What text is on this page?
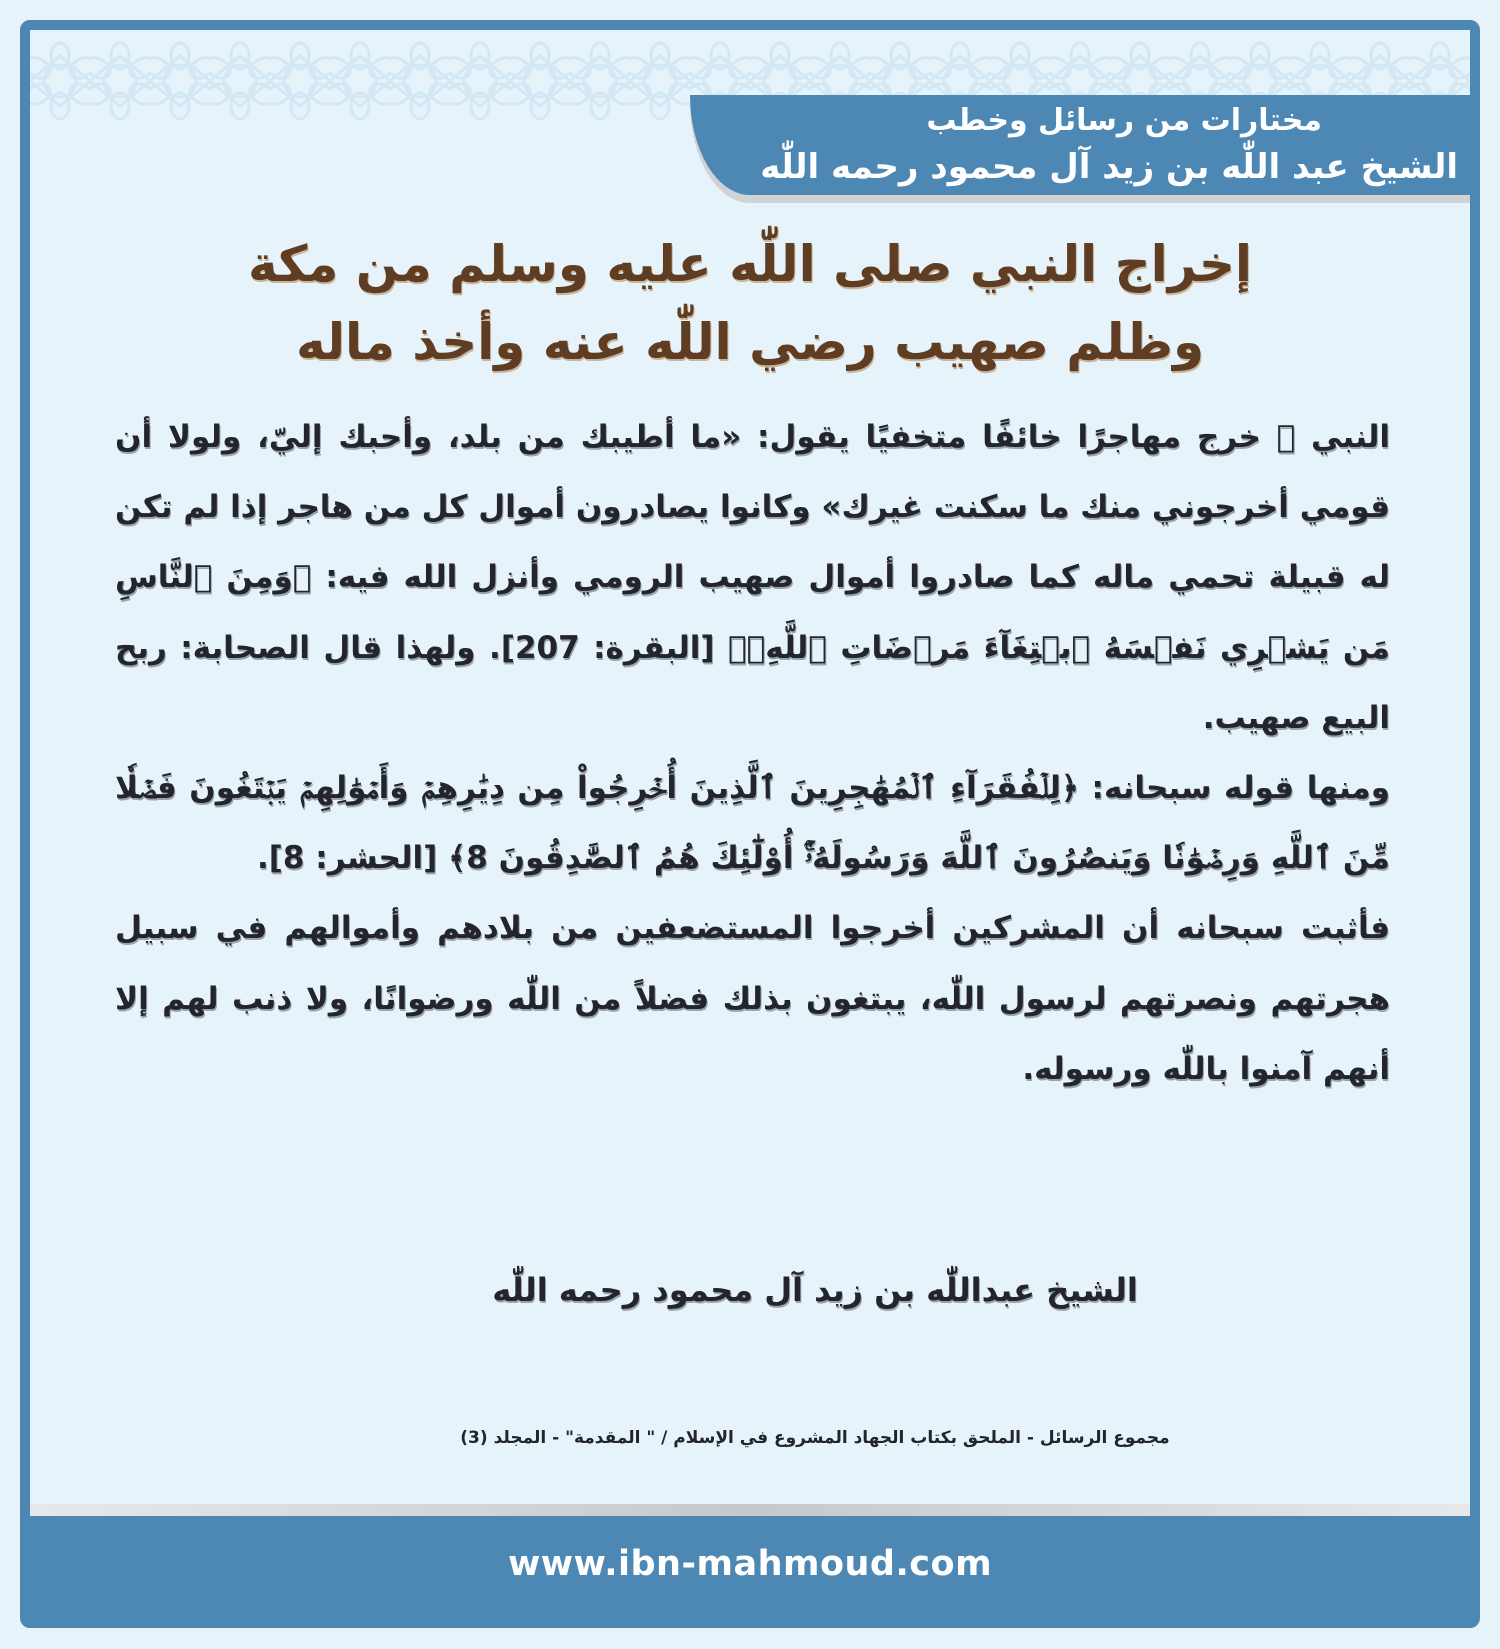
مختارات من رسائل وخطب
الشيخ عبد اللّٰه بن زيد آل محمود رحمه اللّٰه
إخراج النبي صلى اللّٰه عليه وسلم من مكة
وظلم صهيب رضي اللّٰه عنه وأخذ ماله

النبي ﷺ خرج مهاجرًا خائفًا متخفيًا يقول: «ما أطيبك من بلد، وأحبك إليّ، ولولا أن قومي أخرجوني منك ما سكنت غيرك» وكانوا يصادرون أموال كل من هاجر إذا لم تكن له قبيلة تحمي ماله كما صادروا أموال صهيب الرومي وأنزل الله فيه: ﴿وَمِنَ ٱلنَّاسِ مَن يَشۡرِي نَفۡسَهُ ٱبۡتِغَآءَ مَرۡضَاتِ ٱللَّهِۚ﴾ [البقرة: 207]. ولهذا قال الصحابة: ربح البيع صهيب.

ومنها قوله سبحانه: ﴿لِلۡفُقَرَآءِ ٱلۡمُهَٰجِرِينَ ٱلَّذِينَ أُخۡرِجُواْ مِن دِيَٰرِهِمۡ وَأَمۡوَٰلِهِمۡ يَبۡتَغُونَ فَضۡلٗا مِّنَ ٱللَّهِ وَرِضۡوَٰنٗا وَيَنصُرُونَ ٱللَّهَ وَرَسُولَهُۥٓۚ أُوْلَٰٓئِكَ هُمُ ٱلصَّٰدِقُونَ 8﴾ [الحشر: 8].

فأثبت سبحانه أن المشركين أخرجوا المستضعفين من بلادهم وأموالهم في سبيل هجرتهم ونصرتهم لرسول اللّٰه، يبتغون بذلك فضلاً من اللّٰه ورضوانًا، ولا ذنب لهم إلا أنهم آمنوا باللّٰه ورسوله.

الشيخ عبداللّٰه بن زيد آل محمود رحمه اللّٰه
مجموع الرسائل - الملحق بكتاب الجهاد المشروع في الإسلام / " المقدمة" - المجلد (3)
www.ibn-mahmoud.com
